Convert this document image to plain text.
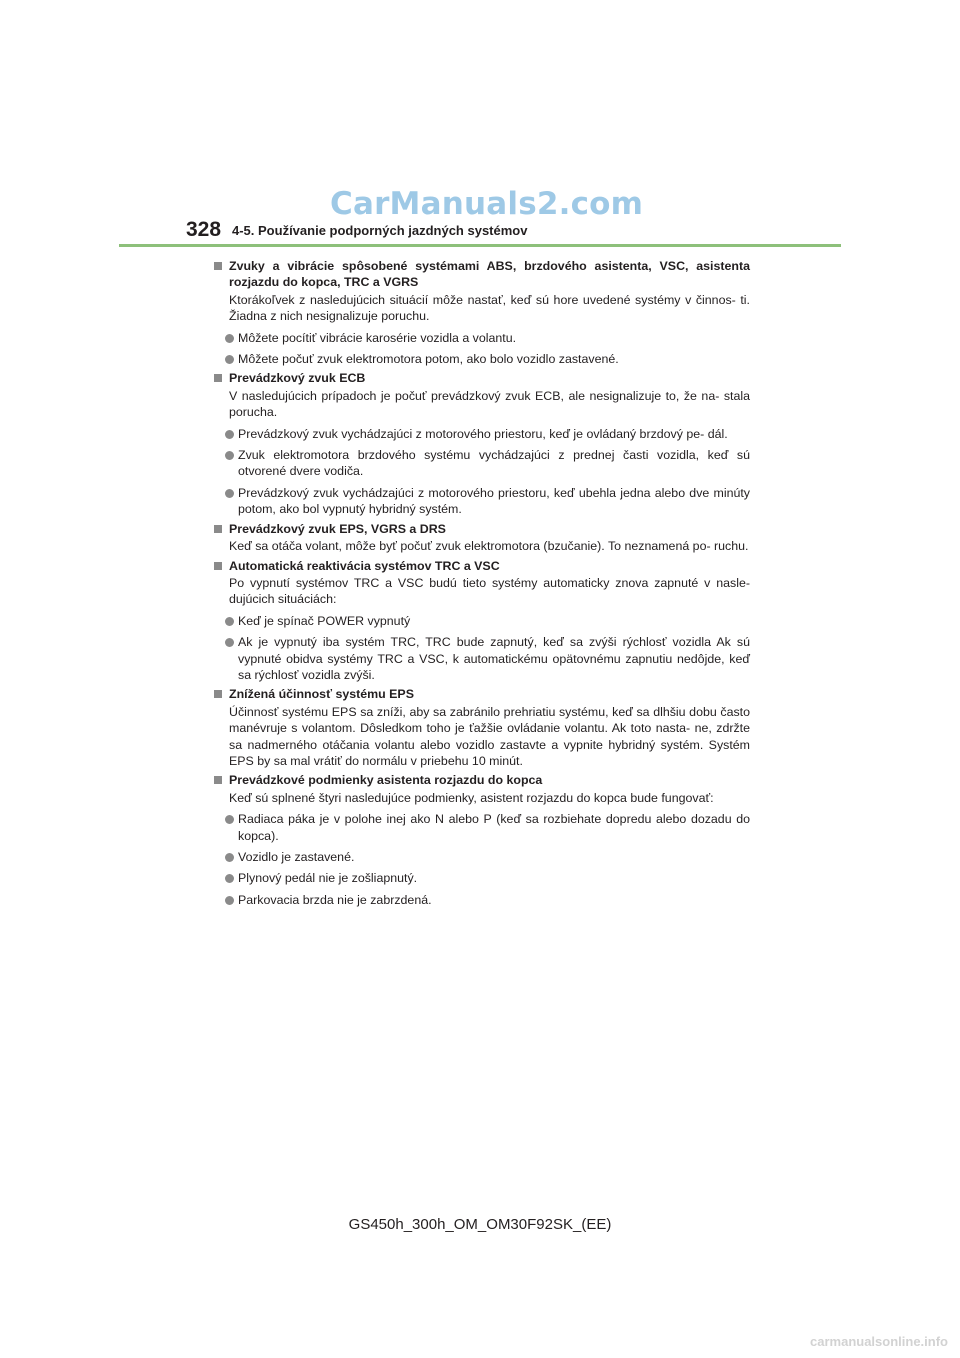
CarManuals2.com
328 4-5. Používanie podporných jazdných systémov
Zvuky a vibrácie spôsobené systémami ABS, brzdového asistenta, VSC, asistenta rozjazdu do kopca, TRC a VGRS
Ktorákoľvek z nasledujúcich situácií môže nastať, keď sú hore uvedené systémy v činnos- ti. Žiadna z nich nesignalizuje poruchu.
Môžete pocítiť vibrácie karosérie vozidla a volantu.
Môžete počuť zvuk elektromotora potom, ako bolo vozidlo zastavené.
Prevádzkový zvuk ECB
V nasledujúcich prípadoch je počuť prevádzkový zvuk ECB, ale nesignalizuje to, že na- stala porucha.
Prevádzkový zvuk vychádzajúci z motorového priestoru, keď je ovládaný brzdový pe- dál.
Zvuk elektromotora brzdového systému vychádzajúci z prednej časti vozidla, keď sú otvorené dvere vodiča.
Prevádzkový zvuk vychádzajúci z motorového priestoru, keď ubehla jedna alebo dve minúty potom, ako bol vypnutý hybridný systém.
Prevádzkový zvuk EPS, VGRS a DRS
Keď sa otáča volant, môže byť počuť zvuk elektromotora (bzučanie). To neznamená po- ruchu.
Automatická reaktivácia systémov TRC a VSC
Po vypnutí systémov TRC a VSC budú tieto systémy automaticky znova zapnuté v nasle- dujúcich situáciách:
Keď je spínač POWER vypnutý
Ak je vypnutý iba systém TRC, TRC bude zapnutý, keď sa zvýši rýchlosť vozidla Ak sú vypnuté obidva systémy TRC a VSC, k automatickému opätovnému zapnutiu nedôjde, keď sa rýchlosť vozidla zvýši.
Znížená účinnosť systému EPS
Účinnosť systému EPS sa zníži, aby sa zabránilo prehriatiu systému, keď sa dlhšiu dobu často manévruje s volantom. Dôsledkom toho je ťažšie ovládanie volantu. Ak toto nasta- ne, zdržte sa nadmerného otáčania volantu alebo vozidlo zastavte a vypnite hybridný systém. Systém EPS by sa mal vrátiť do normálu v priebehu 10 minút.
Prevádzkové podmienky asistenta rozjazdu do kopca
Keď sú splnené štyri nasledujúce podmienky, asistent rozjazdu do kopca bude fungovať:
Radiaca páka je v polohe inej ako N alebo P (keď sa rozbiehate dopredu alebo dozadu do kopca).
Vozidlo je zastavené.
Plynový pedál nie je zošliapnutý.
Parkovacia brzda nie je zabrzdená.
GS450h_300h_OM_OM30F92SK_(EE)
carmanualsonline.info
